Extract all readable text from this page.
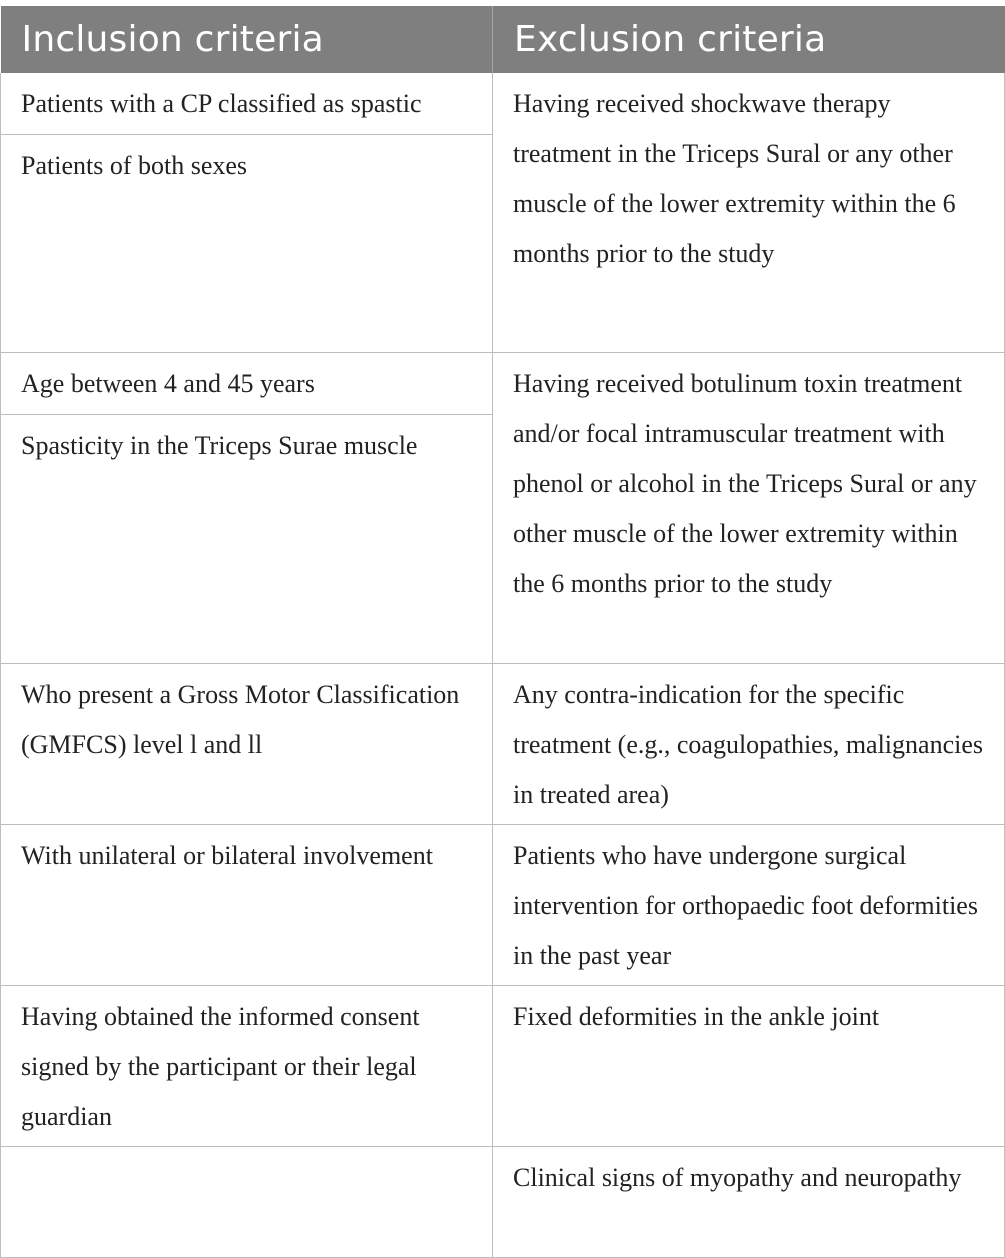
Inclusion criteria	Exclusion criteria

Patients with a CP classified as spastic
Patients of both sexes	Having received shockwave therapy treatment in the Triceps Sural or any other muscle of the lower extremity within the 6 months prior to the study

Age between 4 and 45 years
Spasticity in the Triceps Surae muscle	Having received botulinum toxin treatment and/or focal intramuscular treatment with phenol or alcohol in the Triceps Sural or any other muscle of the lower extremity within the 6 months prior to the study

Who present a Gross Motor Classification (GMFCS) level l and ll	Any contra-indication for the specific treatment (e.g., coagulopathies, malignancies in treated area)

With unilateral or bilateral involvement	Patients who have undergone surgical intervention for orthopaedic foot deformities in the past year

Having obtained the informed consent signed by the participant or their legal guardian	Fixed deformities in the ankle joint

	Clinical signs of myopathy and neuropathy
